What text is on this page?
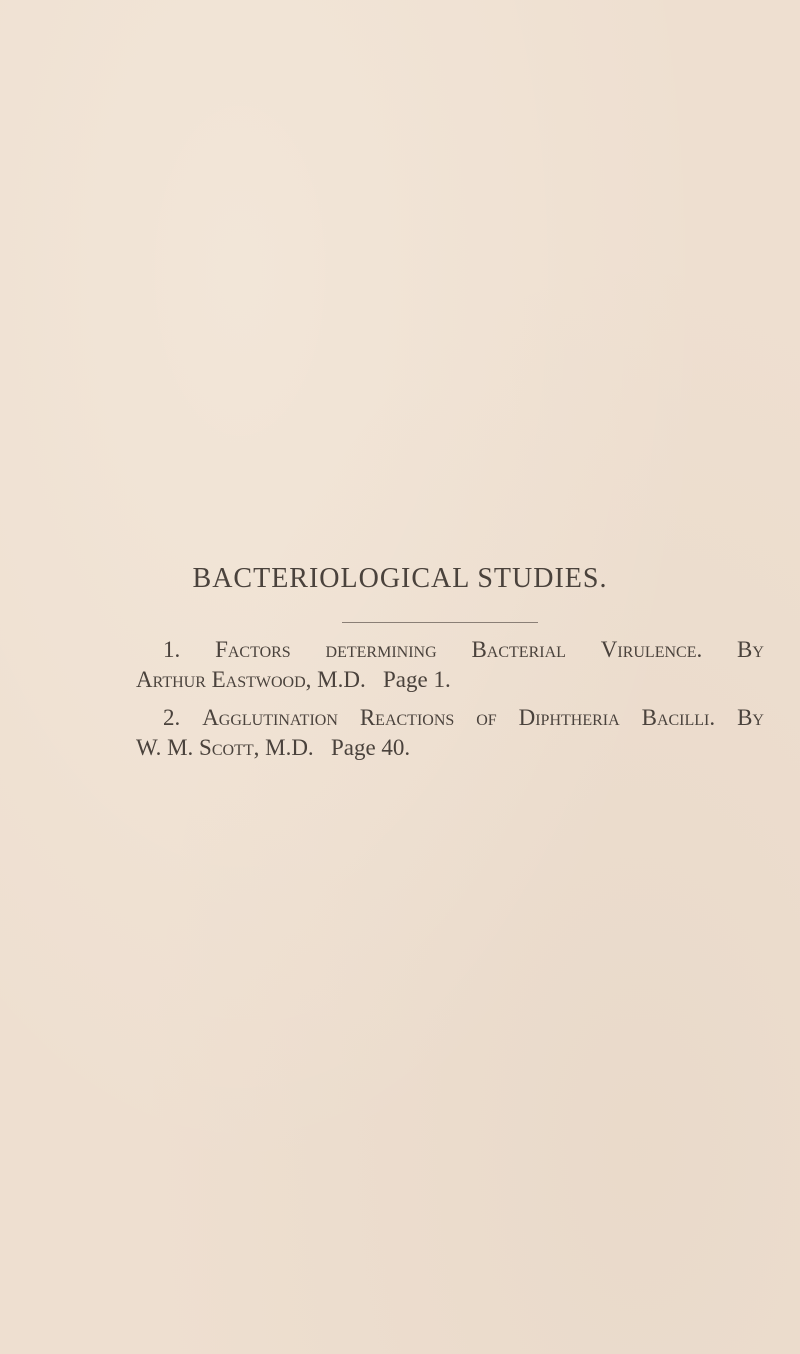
BACTERIOLOGICAL STUDIES.
1. Factors determining Bacterial Virulence. By
Arthur Eastwood, M.D. Page 1.
2. Agglutination Reactions of Diphtheria Bacilli. By
W. M. Scott, M.D. Page 40.
